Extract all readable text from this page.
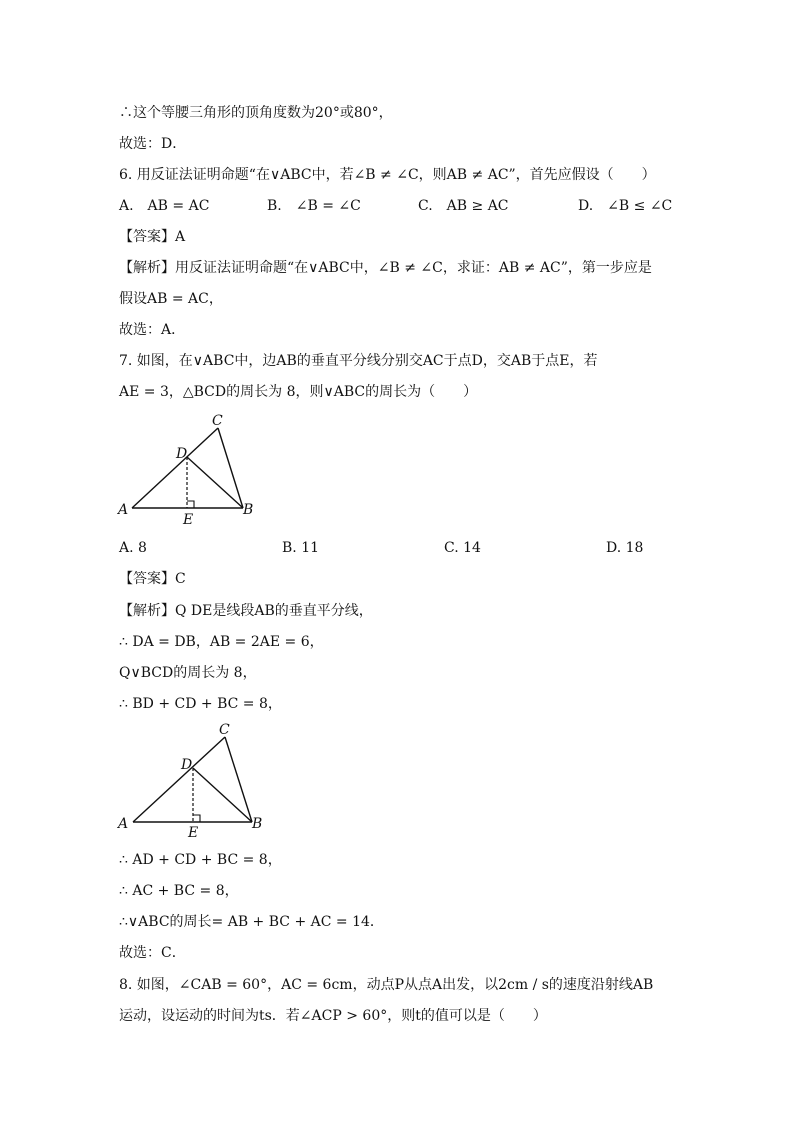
∴这个等腰三角形的顶角度数为20°或80°，
故选：D．
6. 用反证法证明命题“在∨ABC中，若∠B ≠ ∠C，则AB ≠ AC”，首先应假设（　　）
A.　AB = AC	B.　∠B = ∠C	C.　AB ≥ AC	D.　∠B ≤ ∠C
【答案】A
【解析】用反证法证明命题“在∨ABC中，∠B ≠ ∠C，求证：AB ≠ AC”，第一步应是
假设AB = AC，
故选：A．
7. 如图，在∨ABC中，边AB的垂直平分线分别交AC于点D，交AB于点E，若
AE = 3，△BCD的周长为 8，则∨ABC的周长为（　　）
A	B
C
D
E
A. 8	B. 11	C. 14	D. 18
【答案】C
【解析】Q DE是线段AB的垂直平分线，
∴ DA = DB，AB = 2AE = 6，
Q∨BCD的周长为 8，
∴ BD + CD + BC = 8，
A	B
C
D
E
∴ AD + CD + BC = 8，
∴ AC + BC = 8，
∴∨ABC的周长= AB + BC + AC = 14．
故选：C．
8. 如图，∠CAB = 60°，AC = 6cm，动点P从点A出发，以2cm / s的速度沿射线AB
运动，设运动的时间为ts．若∠ACP > 60°，则t的值可以是（　　）
